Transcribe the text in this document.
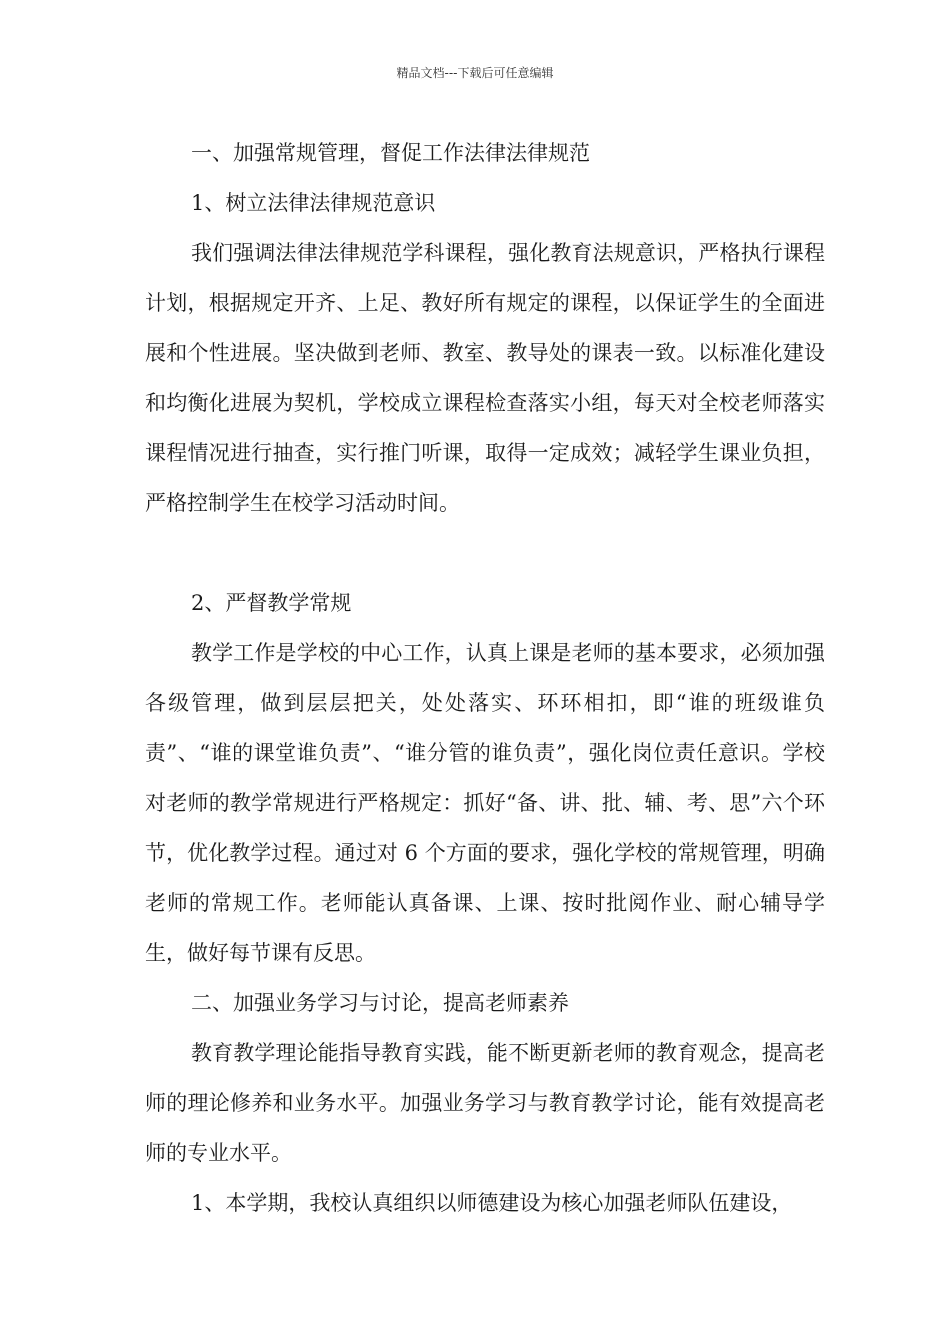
精品文档---下载后可任意编辑
一、加强常规管理，督促工作法律法律规范
1、树立法律法律规范意识

我们强调法律法律规范学科课程，强化教育法规意识，严格执行课程计划，根据规定开齐、上足、教好所有规定的课程，以保证学生的全面进展和个性进展。坚决做到老师、教室、教导处的课表一致。以标准化建设和均衡化进展为契机，学校成立课程检查落实小组，每天对全校老师落实课程情况进行抽查，实行推门听课，取得一定成效；减轻学生课业负担，严格控制学生在校学习活动时间。

2、严督教学常规

教学工作是学校的中心工作，认真上课是老师的基本要求，必须加强各级管理，做到层层把关，处处落实、环环相扣，即“谁的班级谁负责”、“谁的课堂谁负责”、“谁分管的谁负责”，强化岗位责任意识。学校对老师的教学常规进行严格规定：抓好“备、讲、批、辅、考、思”六个环节，优化教学过程。通过对 6 个方面的要求，强化学校的常规管理，明确老师的常规工作。老师能认真备课、上课、按时批阅作业、耐心辅导学生，做好每节课有反思。

二、加强业务学习与讨论，提高老师素养

教育教学理论能指导教育实践，能不断更新老师的教育观念，提高老师的理论修养和业务水平。加强业务学习与教育教学讨论，能有效提高老师的专业水平。

1、本学期，我校认真组织以师德建设为核心加强老师队伍建设，
